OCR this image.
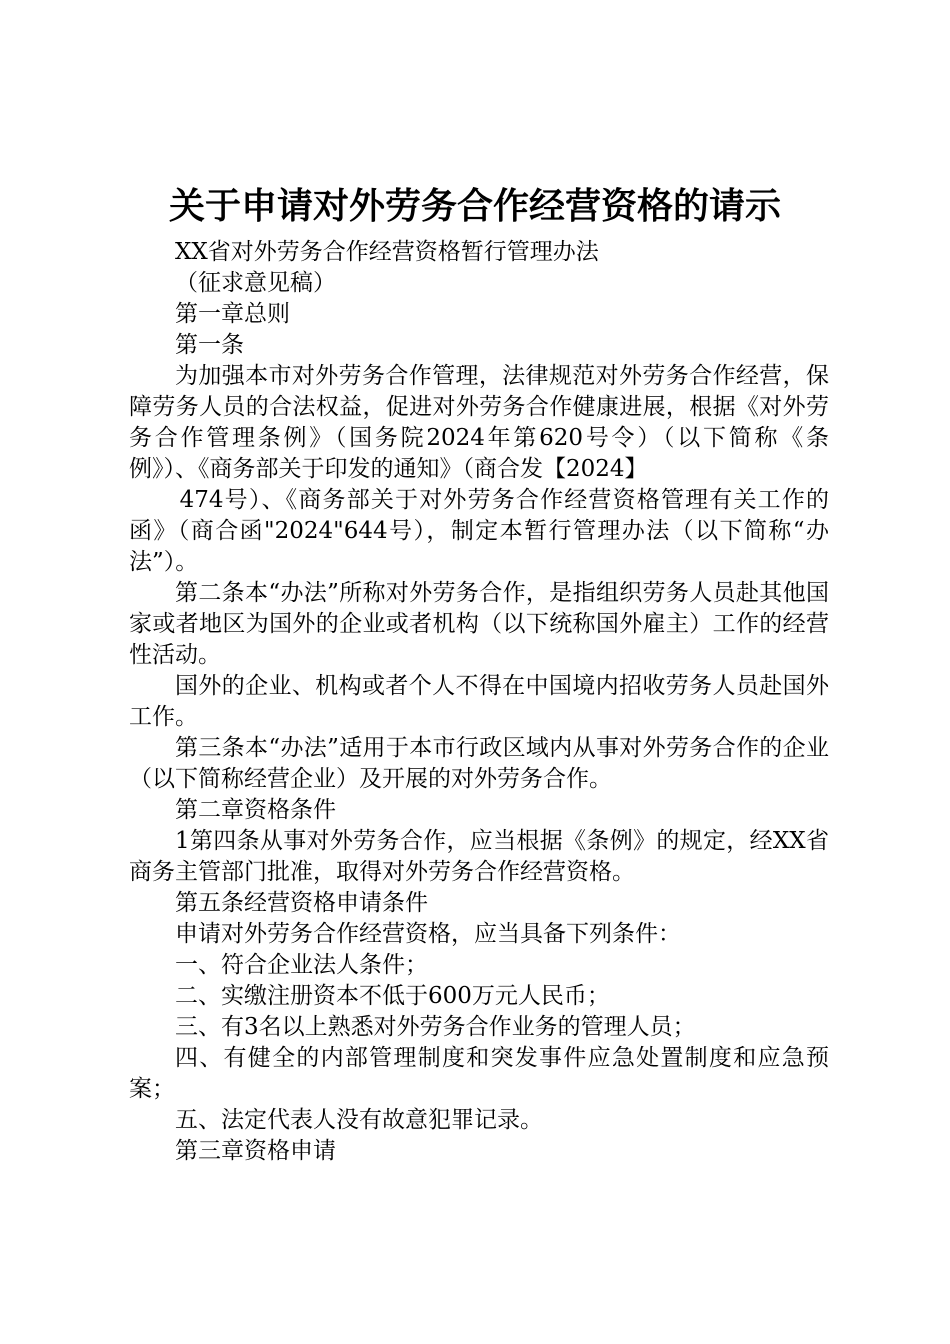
关于申请对外劳务合作经营资格的请示

XX省对外劳务合作经营资格暂行管理办法

（征求意见稿）

第一章总则

第一条

为加强本市对外劳务合作管理，法律规范对外劳务合作经营，保障劳务人员的合法权益，促进对外劳务合作健康进展，根据《对外劳务合作管理条例》（国务院2024年第620号令）（以下简称《条例》）、《商务部关于印发的通知》（商合发【2024】

474号）、《商务部关于对外劳务合作经营资格管理有关工作的函》（商合函"2024"644号），制定本暂行管理办法（以下简称“办法”）。

第二条本“办法”所称对外劳务合作，是指组织劳务人员赴其他国家或者地区为国外的企业或者机构（以下统称国外雇主）工作的经营性活动。

国外的企业、机构或者个人不得在中国境内招收劳务人员赴国外工作。

第三条本“办法”适用于本市行政区域内从事对外劳务合作的企业（以下简称经营企业）及开展的对外劳务合作。

第二章资格条件

1第四条从事对外劳务合作，应当根据《条例》的规定，经XX省商务主管部门批准，取得对外劳务合作经营资格。

第五条经营资格申请条件

申请对外劳务合作经营资格，应当具备下列条件：

一、符合企业法人条件；

二、实缴注册资本不低于600万元人民币；

三、有3名以上熟悉对外劳务合作业务的管理人员；

四、有健全的内部管理制度和突发事件应急处置制度和应急预案；

五、法定代表人没有故意犯罪记录。

第三章资格申请
